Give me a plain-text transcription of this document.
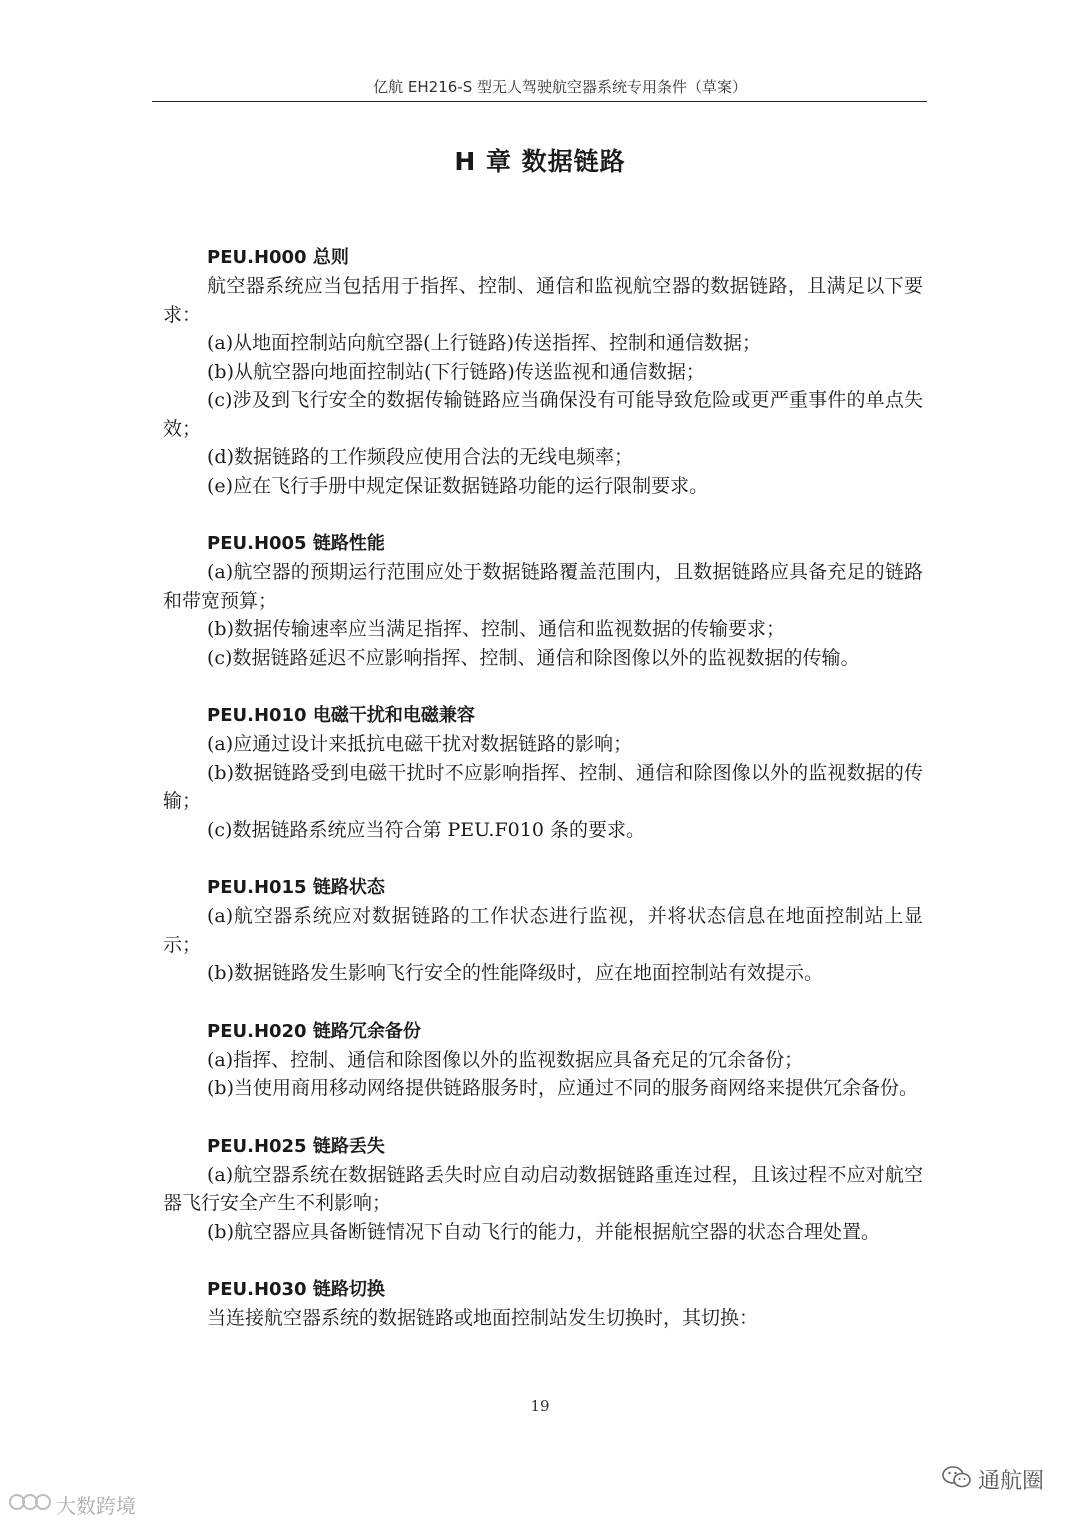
亿航 EH216-S 型无人驾驶航空器系统专用条件（草案）
H 章 数据链路
PEU.H000 总则

航空器系统应当包括用于指挥、控制、通信和监视航空器的数据链路，且满足以下要求：

(a)从地面控制站向航空器(上行链路)传送指挥、控制和通信数据；

(b)从航空器向地面控制站(下行链路)传送监视和通信数据；

(c)涉及到飞行安全的数据传输链路应当确保没有可能导致危险或更严重事件的单点失效；

(d)数据链路的工作频段应使用合法的无线电频率；

(e)应在飞行手册中规定保证数据链路功能的运行限制要求。

PEU.H005 链路性能

(a)航空器的预期运行范围应处于数据链路覆盖范围内，且数据链路应具备充足的链路和带宽预算；

(b)数据传输速率应当满足指挥、控制、通信和监视数据的传输要求；

(c)数据链路延迟不应影响指挥、控制、通信和除图像以外的监视数据的传输。

PEU.H010 电磁干扰和电磁兼容

(a)应通过设计来抵抗电磁干扰对数据链路的影响；

(b)数据链路受到电磁干扰时不应影响指挥、控制、通信和除图像以外的监视数据的传输；

(c)数据链路系统应当符合第 PEU.F010 条的要求。

PEU.H015 链路状态

(a)航空器系统应对数据链路的工作状态进行监视，并将状态信息在地面控制站上显示；

(b)数据链路发生影响飞行安全的性能降级时，应在地面控制站有效提示。

PEU.H020 链路冗余备份

(a)指挥、控制、通信和除图像以外的监视数据应具备充足的冗余备份；

(b)当使用商用移动网络提供链路服务时，应通过不同的服务商网络来提供冗余备份。

PEU.H025 链路丢失

(a)航空器系统在数据链路丢失时应自动启动数据链路重连过程，且该过程不应对航空器飞行安全产生不利影响；

(b)航空器应具备断链情况下自动飞行的能力，并能根据航空器的状态合理处置。

PEU.H030 链路切换

当连接航空器系统的数据链路或地面控制站发生切换时，其切换：

19
通航圈
大数跨境
